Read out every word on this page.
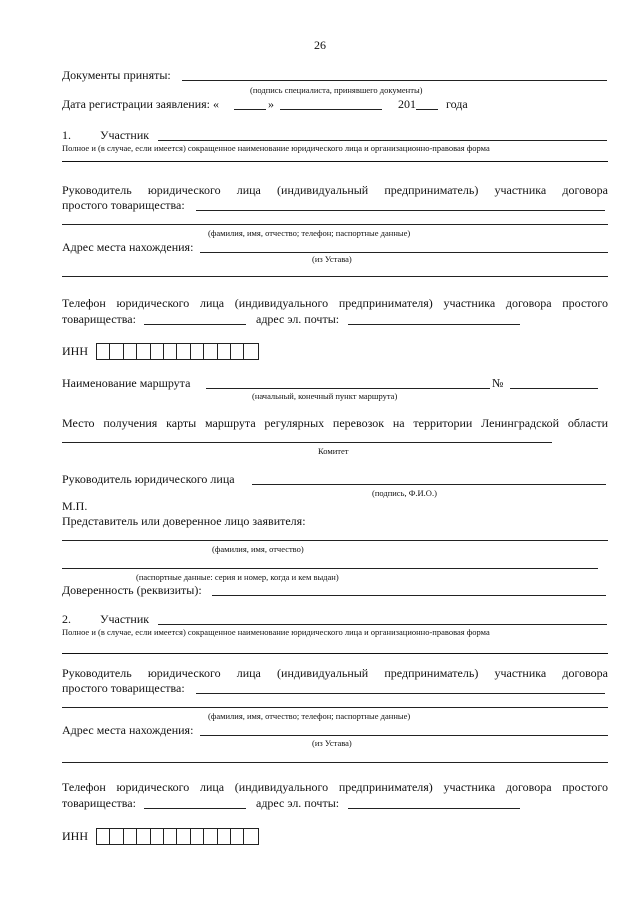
26
Документы приняты:
(подпись специалиста, принявшего документы)
Дата регистрации заявления: «	»	201	года
1. Участник
Полное и (в случае, если имеется) сокращенное наименование юридического лица и организационно-правовая форма
Руководитель юридического лица (индивидуальный предприниматель) участника договора
простого товарищества:
(фамилия, имя, отчество; телефон; паспортные данные)
Адрес места нахождения:
(из Устава)
Телефон юридического лица (индивидуального предпринимателя) участника договора простого
товарищества:	адрес эл. почты:
ИНН
Наименование маршрута	№
(начальный, конечный пункт маршрута)
Место получения карты маршрута регулярных перевозок на территории Ленинградской области
Комитет
Руководитель юридического лица
(подпись, Ф.И.О.)
М.П.
Представитель или доверенное лицо заявителя:
(фамилия, имя, отчество)
(паспортные данные: серия и номер, когда и кем выдан)
Доверенность (реквизиты):
2. Участник
Полное и (в случае, если имеется) сокращенное наименование юридического лица и организационно-правовая форма
Руководитель юридического лица (индивидуальный предприниматель) участника договора
простого товарищества:
(фамилия, имя, отчество; телефон; паспортные данные)
Адрес места нахождения:
(из Устава)
Телефон юридического лица (индивидуального предпринимателя) участника договора простого
товарищества:	адрес эл. почты:
ИНН
